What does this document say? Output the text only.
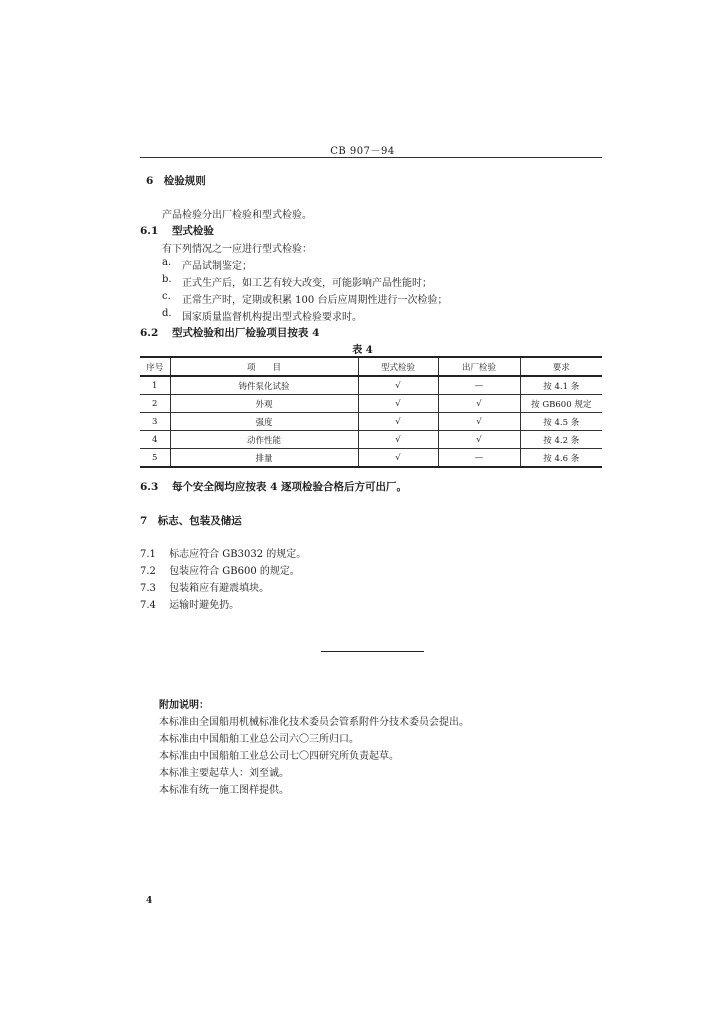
CB 907－94
6　检验规则
产品检验分出厂检验和型式检验。
6.1 型式检验
有下列情况之一应进行型式检验：
a. 产品试制鉴定；
b. 正式生产后，如工艺有较大改变，可能影响产品性能时；
c. 正常生产时，定期或积累 100 台后应周期性进行一次检验；
d. 国家质量监督机构提出型式检验要求时。
6.2 型式检验和出厂检验项目按表 4
表 4
序号	项　　目	型式检验	出厂检验	要求
1	铸件泵化试验	√	—	按 4.1 条
2	外观	√	√	按 GB600 规定
3	强度	√	√	按 4.5 条
4	动作性能	√	√	按 4.2 条
5	排量	√	—	按 4.6 条
6.3 每个安全阀均应按表 4 逐项检验合格后方可出厂。
7　标志、包装及储运
7.1 标志应符合 GB3032 的规定。
7.2 包装应符合 GB600 的规定。
7.3 包装箱应有避震填块。
7.4 运输时避免扔。
附加说明：
本标准由全国船用机械标准化技术委员会管系附件分技术委员会提出。
本标准由中国船舶工业总公司六〇三所归口。
本标准由中国船舶工业总公司七〇四研究所负责起草。
本标准主要起草人：刘至诚。
本标准有统一施工图样提供。
4
